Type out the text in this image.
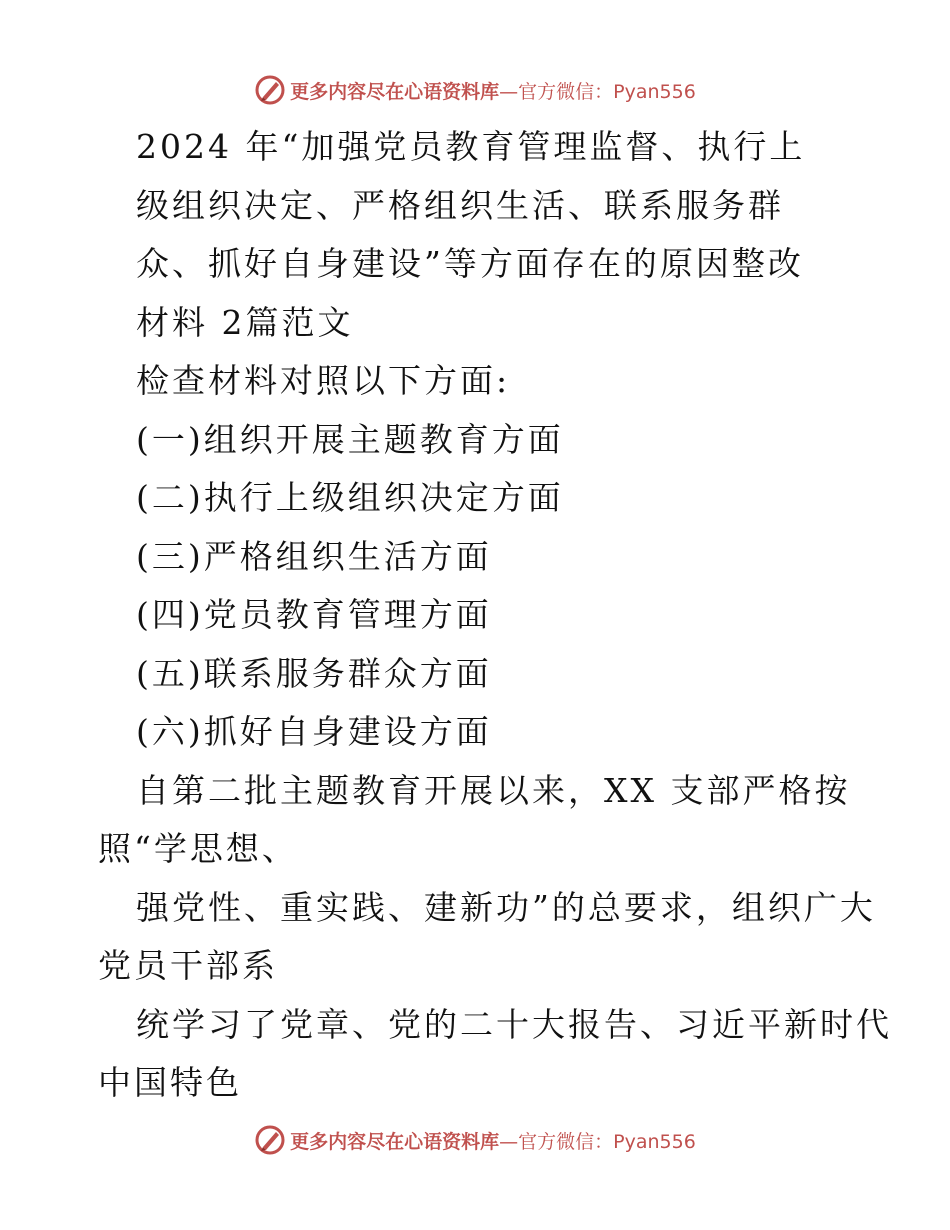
更多内容尽在心语资料库—官方微信：Pyan556
2024 年“加强党员教育管理监督、执行上
级组织决定、严格组织生活、联系服务群
众、抓好自身建设”等方面存在的原因整改
材料 2篇范文
检查材料对照以下方面:
(一)组织开展主题教育方面
(二)执行上级组织决定方面
(三)严格组织生活方面
(四)党员教育管理方面
(五)联系服务群众方面
(六)抓好自身建设方面
自第二批主题教育开展以来，XX 支部严格按
照“学思想、
强党性、重实践、建新功”的总要求，组织广大
党员干部系
统学习了党章、党的二十大报告、习近平新时代
中国特色
更多内容尽在心语资料库—官方微信：Pyan556
